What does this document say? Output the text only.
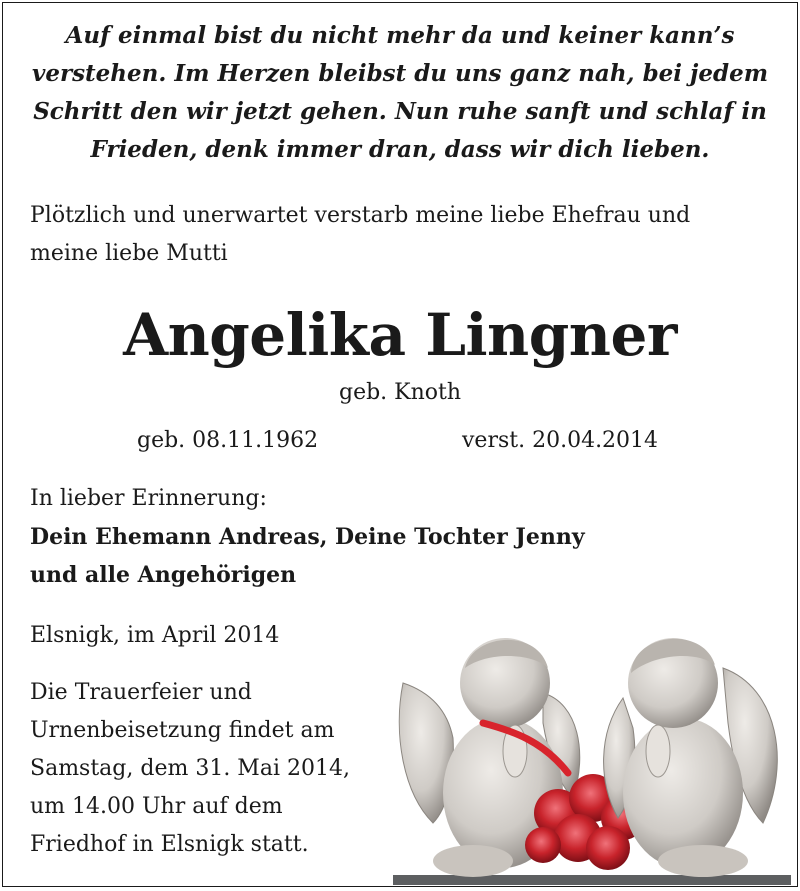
Auf einmal bist du nicht mehr da und keiner kann’s
verstehen. Im Herzen bleibst du uns ganz nah, bei jedem
Schritt den wir jetzt gehen. Nun ruhe sanft und schlaf in
Frieden, denk immer dran, dass wir dich lieben.
Plötzlich und unerwartet verstarb meine liebe Ehefrau und
meine liebe Mutti
Angelika Lingner
geb. Knoth
geb. 08.11.1962	verst. 20.04.2014
In lieber Erinnerung:
Dein Ehemann Andreas, Deine Tochter Jenny
und alle Angehörigen
Elsnigk, im April 2014
Die Trauerfeier und
Urnenbeisetzung findet am
Samstag, dem 31. Mai 2014,
um 14.00 Uhr auf dem
Friedhof in Elsnigk statt.
